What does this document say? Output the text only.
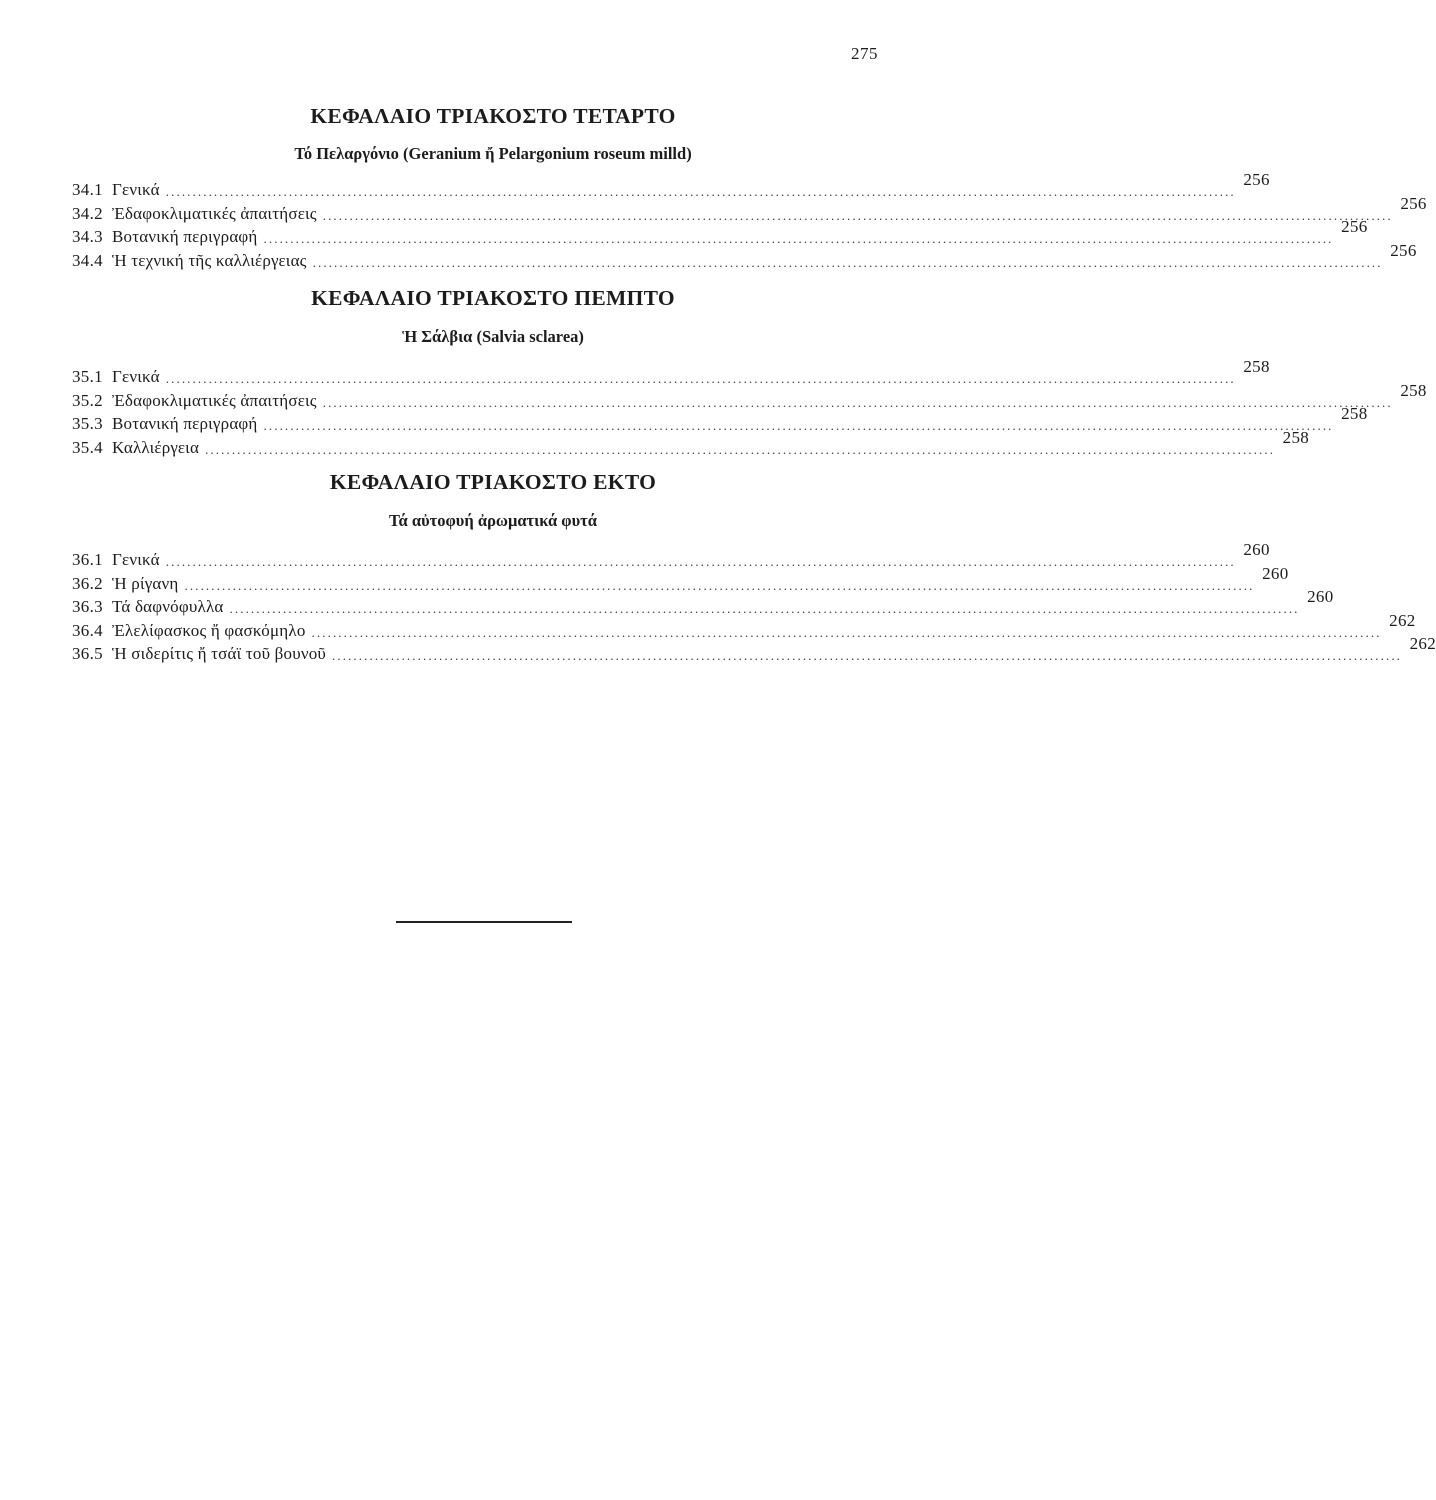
275
ΚΕΦΑΛΑΙΟ ΤΡΙΑΚΟΣΤΟ ΤΕΤΑΡΤΟ
Τό Πελαργόνιο (Geranium ἤ Pelargonium roseum milld)
34.1 Γενικά ........................................................................................................................................................................................................
256
34.2 Ἐδαφοκλιματικές ἀπαιτήσεις ........................................................................................................................................................................................................
256
34.3 Βοτανική περιγραφή ........................................................................................................................................................................................................
256
34.4 Ἡ τεχνική τῆς καλλιέργειας ........................................................................................................................................................................................................
256
ΚΕΦΑΛΑΙΟ ΤΡΙΑΚΟΣΤΟ ΠΕΜΠΤΟ
Ἡ Σάλβια (Salvia sclarea)
35.1 Γενικά ........................................................................................................................................................................................................
258
35.2 Ἐδαφοκλιματικές ἀπαιτήσεις ........................................................................................................................................................................................................
258
35.3 Βοτανική περιγραφή ........................................................................................................................................................................................................
258
35.4 Καλλιέργεια ........................................................................................................................................................................................................
258
ΚΕΦΑΛΑΙΟ ΤΡΙΑΚΟΣΤΟ ΕΚΤΟ
Τά αὐτοφυή ἀρωματικά φυτά
36.1 Γενικά ........................................................................................................................................................................................................
260
36.2 Ἡ ρίγανη ........................................................................................................................................................................................................
260
36.3 Τά δαφνόφυλλα ........................................................................................................................................................................................................
260
36.4 Ἐλελίφασκος ἤ φασκόμηλο ........................................................................................................................................................................................................
262
36.5 Ἡ σιδερίτις ἤ τσάϊ τοῦ βουνοῦ ........................................................................................................................................................................................................
262
